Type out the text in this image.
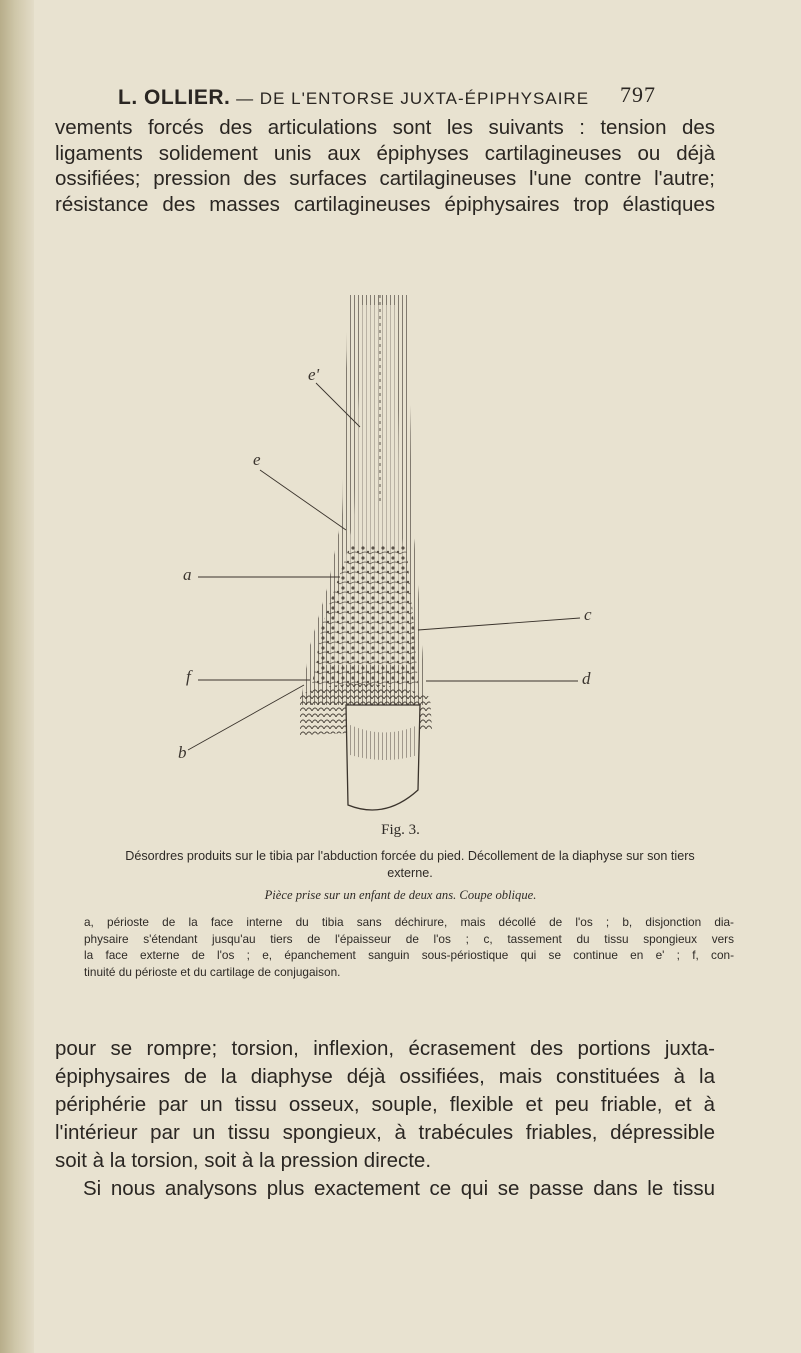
L. OLLIER. — DE L'ENTORSE JUXTA-ÉPIPHYSAIRE 797
vements forcés des articulations sont les suivants : tension des
ligaments solidement unis aux épiphyses cartilagineuses ou déjà
ossifiées; pression des surfaces cartilagineuses l'une contre l'autre;
résistance des masses cartilagineuses épiphysaires trop élastiques
e'
e
a
c
f	d
b
Fig. 3.
Désordres produits sur le tibia par l'abduction forcée du pied. Décollement de la diaphyse sur son tiers externe.
Pièce prise sur un enfant de deux ans. Coupe oblique.
a, périoste de la face interne du tibia sans déchirure, mais décollé de l'os ; b, disjonction dia-
physaire s'étendant jusqu'au tiers de l'épaisseur de l'os ; c, tassement du tissu spongieux vers
la face externe de l'os ; e, épanchement sanguin sous-périostique qui se continue en e' ; f, con-
tinuité du périoste et du cartilage de conjugaison.
pour se rompre; torsion, inflexion, écrasement des portions juxta-
épiphysaires de la diaphyse déjà ossifiées, mais constituées à la
périphérie par un tissu osseux, souple, flexible et peu friable, et à
l'intérieur par un tissu spongieux, à trabécules friables, dépressible
soit à la torsion, soit à la pression directe.
Si nous analysons plus exactement ce qui se passe dans le tissu
